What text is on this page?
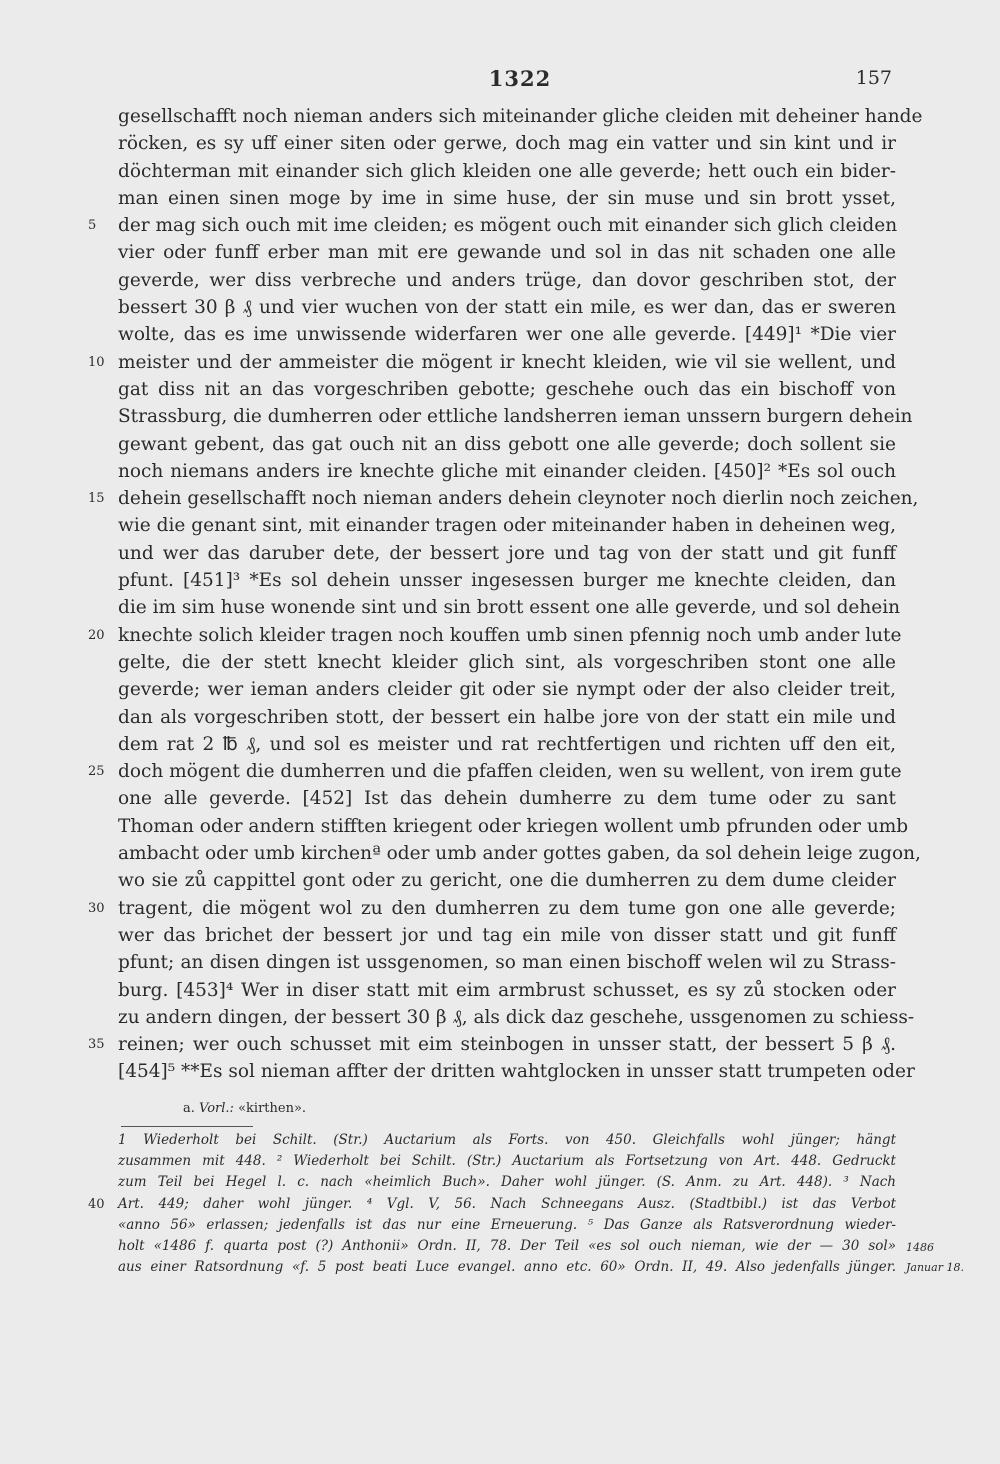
1322	157
gesellschafft noch nieman anders sich miteinander gliche cleiden mit deheiner hande
röcken, es sy uff einer siten oder gerwe, doch mag ein vatter und sin kint und ir
döchterman mit einander sich glich kleiden one alle geverde; hett ouch ein bider-
man einen sinen moge by ime in sime huse, der sin muse und sin brott ysset,
5	der mag sich ouch mit ime cleiden; es mögent ouch mit einander sich glich cleiden
vier oder funff erber man mit ere gewande und sol in das nit schaden one alle
geverde, wer diss verbreche und anders trüge, dan dovor geschriben stot, der
bessert 30 β ₰ und vier wuchen von der statt ein mile, es wer dan, das er sweren
wolte, das es ime unwissende widerfaren wer one alle geverde. [449]¹ *Die vier
10 meister und der ammeister die mögent ir knecht kleiden, wie vil sie wellent, und
gat diss nit an das vorgeschriben gebotte; geschehe ouch das ein bischoff von
Strassburg, die dumherren oder ettliche landsherren ieman unssern burgern dehein
gewant gebent, das gat ouch nit an diss gebott one alle geverde; doch sollent sie
noch niemans anders ire knechte gliche mit einander cleiden. [450]² *Es sol ouch
15 dehein gesellschafft noch nieman anders dehein cleynoter noch dierlin noch zeichen,
wie die genant sint, mit einander tragen oder miteinander haben in deheinen weg,
und wer das daruber dete, der bessert jore und tag von der statt und git funff
pfunt. [451]³ *Es sol dehein unsser ingesessen burger me knechte cleiden, dan
die im sim huse wonende sint und sin brott essent one alle geverde, und sol dehein
20 knechte solich kleider tragen noch kouffen umb sinen pfennig noch umb ander lute
gelte, die der stett knecht kleider glich sint, als vorgeschriben stont one alle
geverde; wer ieman anders cleider git oder sie nympt oder der also cleider treit,
dan als vorgeschriben stott, der bessert ein halbe jore von der statt ein mile und
dem rat 2 ℔ ₰, und sol es meister und rat rechtfertigen und richten uff den eit,
25 doch mögent die dumherren und die pfaffen cleiden, wen su wellent, von irem gute
one alle geverde. [452] Ist das dehein dumherre zu dem tume oder zu sant
Thoman oder andern stifften kriegent oder kriegen wollent umb pfrunden oder umb
ambacht oder umb kirchenª oder umb ander gottes gaben, da sol dehein leige zugon,
wo sie zů cappittel gont oder zu gericht, one die dumherren zu dem dume cleider
30 tragent, die mögent wol zu den dumherren zu dem tume gon one alle geverde;
wer das brichet der bessert jor und tag ein mile von disser statt und git funff
pfunt; an disen dingen ist ussgenomen, so man einen bischoff welen wil zu Strass-
burg. [453]⁴ Wer in diser statt mit eim armbrust schusset, es sy zů stocken oder
zu andern dingen, der bessert 30 β ₰, als dick daz geschehe, ussgenomen zu schiess-
35 reinen; wer ouch schusset mit eim steinbogen in unsser statt, der bessert 5 β ₰.
[454]⁵ **Es sol nieman affter der dritten wahtglocken in unsser statt trumpeten oder
a. Vorl.: «kirthen».
1 Wiederholt bei Schilt. (Str.) Auctarium als Forts. von 450. Gleichfalls wohl jünger; hängt
zusammen mit 448. ² Wiederholt bei Schilt. (Str.) Auctarium als Fortsetzung von Art. 448. Gedruckt
zum Teil bei Hegel l. c. nach «heimlich Buch». Daher wohl jünger. (S. Anm. zu Art. 448). ³ Nach
40 Art. 449; daher wohl jünger. ⁴ Vgl. V, 56. Nach Schneegans Ausz. (Stadtbibl.) ist das Verbot
«anno 56» erlassen; jedenfalls ist das nur eine Erneuerung. ⁵ Das Ganze als Ratsverordnung wieder-
holt «1486 f. quarta post (?) Anthonii» Ordn. II, 78. Der Teil «es sol ouch nieman, wie der — 30 sol»
aus einer Ratsordnung «f. 5 post beati Luce evangel. anno etc. 60» Ordn. II, 49. Also jedenfalls jünger.
1486
Januar 18.
